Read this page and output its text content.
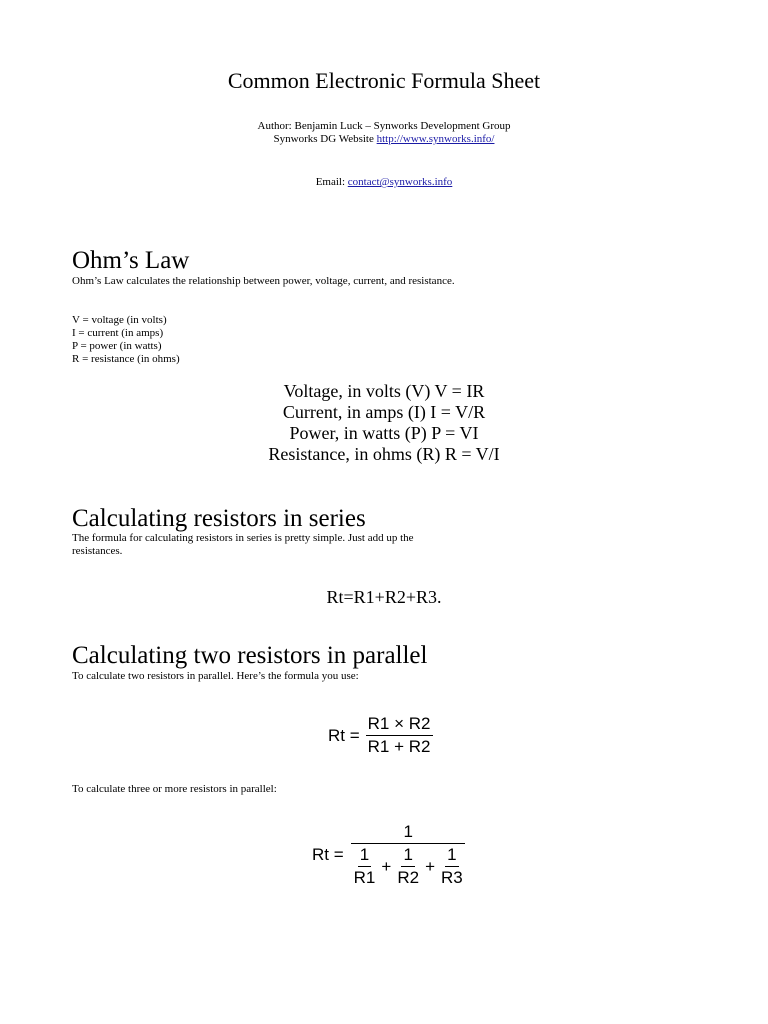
Common Electronic Formula Sheet
Author: Benjamin Luck – Synworks Development Group
Synworks DG Website http://www.synworks.info/
Email: contact@synworks.info
Ohm’s Law
Ohm’s Law calculates the relationship between power, voltage, current, and resistance.
V = voltage (in volts)
I = current (in amps)
P = power (in watts)
R = resistance (in ohms)
Voltage, in volts (V) V = IR
Current, in amps (I) I = V/R
Power, in watts (P) P = VI
Resistance, in ohms (R) R = V/I
Calculating resistors in series
The formula for calculating resistors in series is pretty simple. Just add up the resistances.
Rt=R1+R2+R3.
Calculating two resistors in parallel
To calculate two resistors in parallel. Here’s the formula you use:
$Rt = \frac{R1 \times R2}{R1 + R2}$
To calculate three or more resistors in parallel:
Rt =
1
$\frac{1}{R1} + \frac{1}{R2} + \frac{1}{R3}$
